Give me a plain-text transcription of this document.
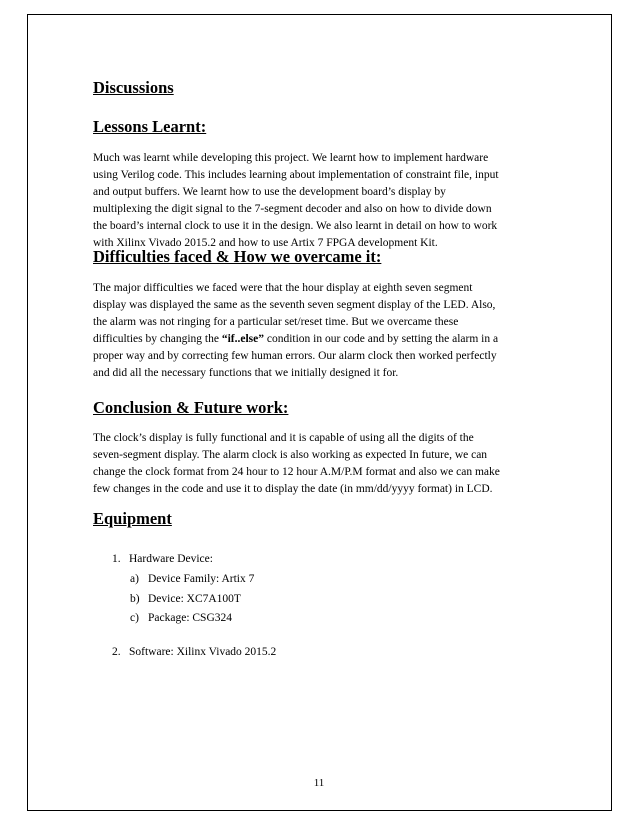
Discussions
Lessons Learnt:

Much was learnt while developing this project. We learnt how to implement hardware
using Verilog code. This includes learning about implementation of constraint file, input
and output buffers. We learnt how to use the development board’s display by
multiplexing the digit signal to the 7-segment decoder and also on how to divide down
the board’s internal clock to use it in the design. We also learnt in detail on how to work
with Xilinx Vivado 2015.2 and how to use Artix 7 FPGA development Kit.

Difficulties faced & How we overcame it:

The major difficulties we faced were that the hour display at eighth seven segment
display was displayed the same as the seventh seven segment display of the LED. Also,
the alarm was not ringing for a particular set/reset time. But we overcame these
difficulties by changing the “if..else” condition in our code and by setting the alarm in a
proper way and by correcting few human errors. Our alarm clock then worked perfectly
and did all the necessary functions that we initially designed it for.

Conclusion & Future work:

The clock’s display is fully functional and it is capable of using all the digits of the
seven-segment display. The alarm clock is also working as expected In future, we can
change the clock format from 24 hour to 12 hour A.M/P.M format and also we can make
few changes in the code and use it to display the date (in mm/dd/yyyy format) in LCD.

Equipment
1. Hardware Device:
a) Device Family: Artix 7
b) Device: XC7A100T
c) Package: CSG324
2. Software: Xilinx Vivado 2015.2
11
